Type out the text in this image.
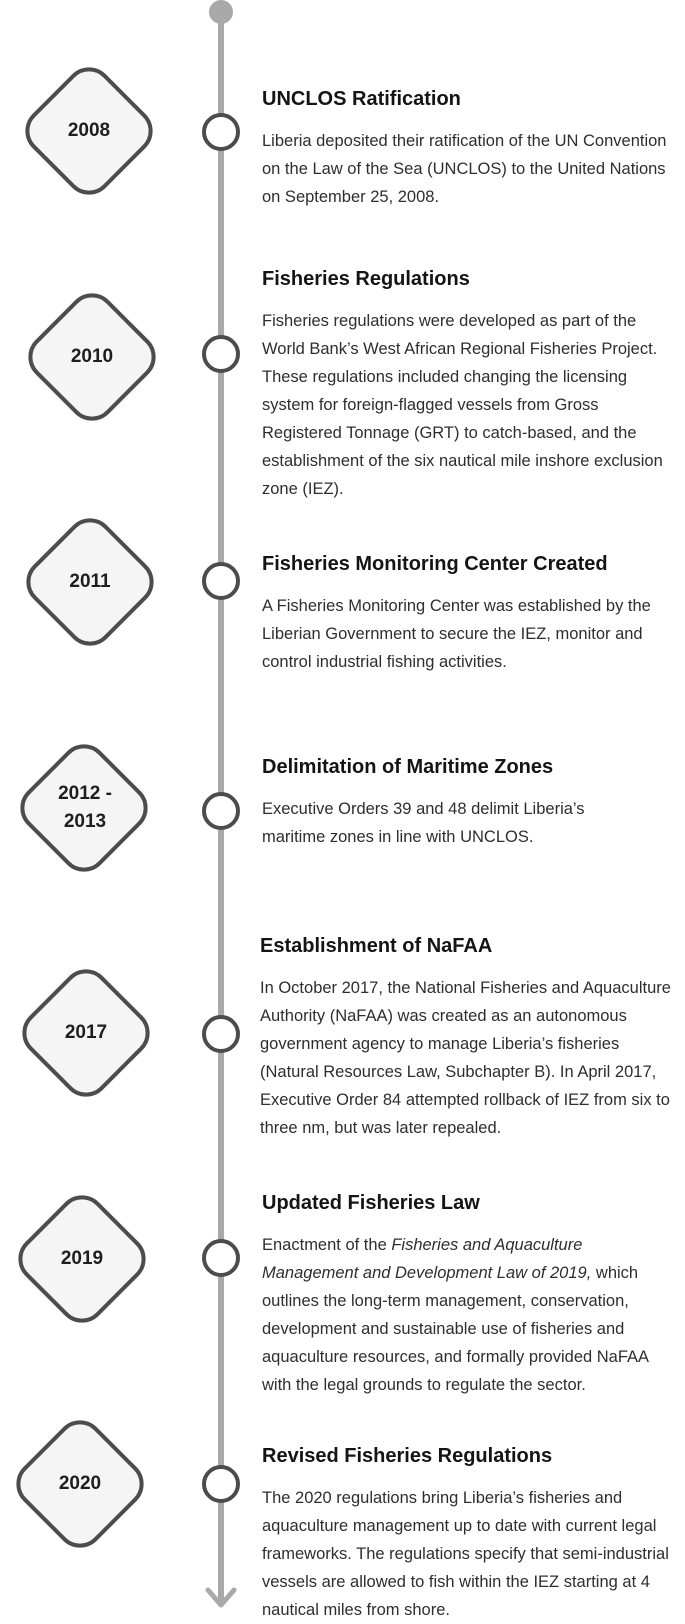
2008
UNCLOS Ratification
Liberia deposited their ratification of the UN Convention on the Law of the Sea (UNCLOS) to the United Nations on September 25, 2008.
2010
Fisheries Regulations
Fisheries regulations were developed as part of the World Bank’s West African Regional Fisheries Project. These regulations included changing the licensing system for foreign-flagged vessels from Gross Registered Tonnage (GRT) to catch-based, and the establishment of the six nautical mile inshore exclusion zone (IEZ).
2011
Fisheries Monitoring Center Created
A Fisheries Monitoring Center was established by the Liberian Government to secure the IEZ, monitor and control industrial fishing activities.
2012 - 2013
Delimitation of Maritime Zones
Executive Orders 39 and 48 delimit Liberia’s maritime zones in line with UNCLOS.
2017
Establishment of NaFAA
In October 2017, the National Fisheries and Aquaculture Authority (NaFAA) was created as an autonomous government agency to manage Liberia’s fisheries (Natural Resources Law, Subchapter B). In April 2017, Executive Order 84 attempted rollback of IEZ from six to three nm, but was later repealed.
2019
Updated Fisheries Law
Enactment of the Fisheries and Aquaculture Management and Development Law of 2019, which outlines the long-term management, conservation, development and sustainable use of fisheries and aquaculture resources, and formally provided NaFAA with the legal grounds to regulate the sector.
2020
Revised Fisheries Regulations
The 2020 regulations bring Liberia’s fisheries and aquaculture management up to date with current legal frameworks. The regulations specify that semi-industrial vessels are allowed to fish within the IEZ starting at 4 nautical miles from shore.
